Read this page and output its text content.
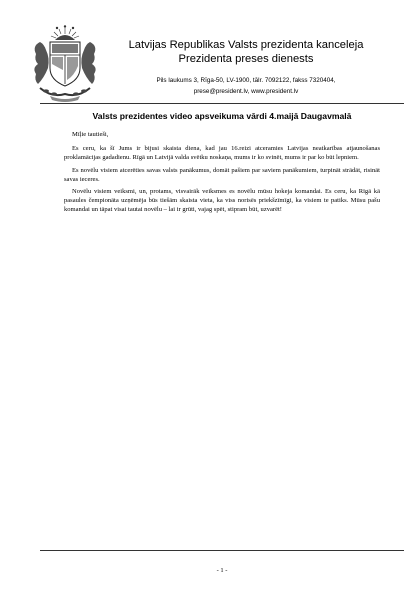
Latvijas Republikas Valsts prezidenta kanceleja
Prezidenta preses dienests
Pils laukums 3, Rīga-50, LV-1900, tālr. 7092122, fakss 7320404,
prese@president.lv, www.president.lv
Valsts prezidentes video apsveikuma vārdi 4.maijā Daugavmalā

Mīļie tautieši,

Es ceru, ka šī Jums ir bijusi skaista diena, kad jau 16.reizi atceramies Latvijas neatkarības atjaunošanas proklamācijas gadadienu. Rīgā un Latvijā valda svētku noskaņa, mums ir ko svinēt, mums ir par ko būt lepniem.

Es novēlu visiem atcerēties savas valsts panākumus, domāt pašiem par saviem panākumiem, turpināt strādāt, risināt savas ieceres.

Novēlu visiem veiksmi, un, protams, visvairāk veiksmes es novēlu mūsu hokeja komandai. Es ceru, ka Rīgā kā pasaules čempionāta uzņēmēja būs tiešām skaista vieta, ka viss norisēs priekšzīmīgi, ka visiem te patiks. Mūsu pašu komandai un tāpat visai tautai novēlu – lai ir grūti, vajag spēt, stipram būt, uzvarēt!

- 1 -
